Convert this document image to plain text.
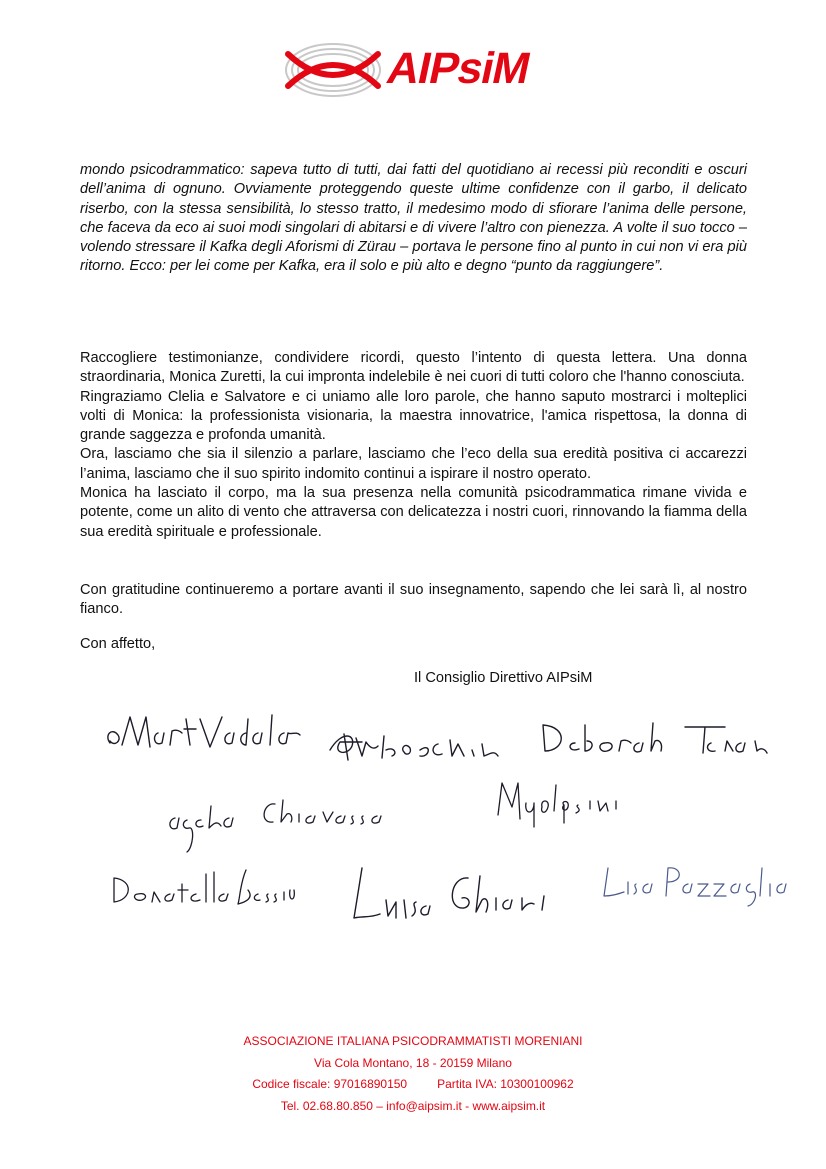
AIPsiM

mondo psicodrammatico: sapeva tutto di tutti, dai fatti del quotidiano ai recessi più reconditi e oscuri dell’anima di ognuno. Ovviamente proteggendo queste ultime confidenze con il garbo, il delicato riserbo, con la stessa sensibilità, lo stesso tratto, il medesimo modo di sfiorare l’anima delle persone, che faceva da eco ai suoi modi singolari di abitarsi e di vivere l’altro con pienezza. A volte il suo tocco – volendo stressare il Kafka degli Aforismi di Zürau – portava le persone fino al punto in cui non vi era più ritorno. Ecco: per lei come per Kafka, era il solo e più alto e degno “punto da raggiungere”.

Raccogliere testimonianze, condividere ricordi, questo l’intento di questa lettera. Una donna straordinaria, Monica Zuretti, la cui impronta indelebile è nei cuori di tutti coloro che l'hanno conosciuta.

Ringraziamo Clelia e Salvatore e ci uniamo alle loro parole, che hanno saputo mostrarci i molteplici volti di Monica: la professionista visionaria, la maestra innovatrice, l'amica rispettosa, la donna di grande saggezza e profonda umanità.

Ora, lasciamo che sia il silenzio a parlare, lasciamo che l’eco della sua eredità positiva ci accarezzi l’anima, lasciamo che il suo spirito indomito continui a ispirare il nostro operato.

Monica ha lasciato il corpo, ma la sua presenza nella comunità psicodrammatica rimane vivida e potente, come un alito di vento che attraversa con delicatezza i nostri cuori, rinnovando la fiamma della sua eredità spirituale e professionale.

Con gratitudine continueremo a portare avanti il suo insegnamento, sapendo che lei sarà lì, al nostro fianco.
Con affetto,
Il Consiglio Direttivo AIPsiM
ASSOCIAZIONE ITALIANA PSICODRAMMATISTI MORENIANI
Via Cola Montano, 18 - 20159 Milano
Codice fiscale: 97016890150	Partita IVA: 10300100962
Tel. 02.68.80.850 – info@aipsim.it - www.aipsim.it
